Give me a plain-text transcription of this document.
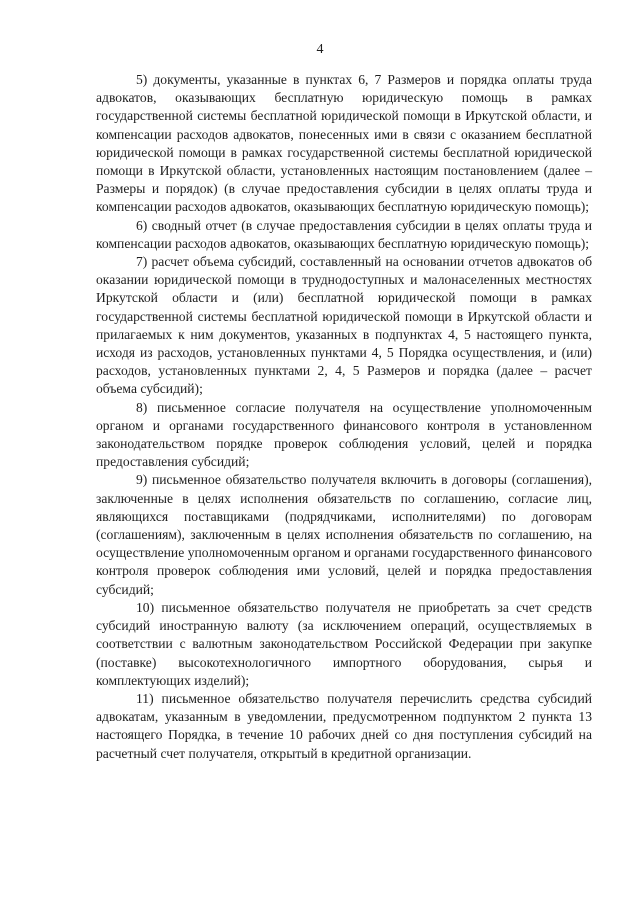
4

5) документы, указанные в пунктах 6, 7 Размеров и порядка оплаты труда адвокатов, оказывающих бесплатную юридическую помощь в рамках государственной системы бесплатной юридической помощи в Иркутской области, и компенсации расходов адвокатов, понесенных ими в связи с оказанием бесплатной юридической помощи в рамках государственной системы бесплатной юридической помощи в Иркутской области, установленных настоящим постановлением (далее – Размеры и порядок) (в случае предоставления субсидии в целях оплаты труда и компенсации расходов адвокатов, оказывающих бесплатную юридическую помощь);

6) сводный отчет (в случае предоставления субсидии в целях оплаты труда и компенсации расходов адвокатов, оказывающих бесплатную юридическую помощь);

7) расчет объема субсидий, составленный на основании отчетов адвокатов об оказании юридической помощи в труднодоступных и малонаселенных местностях Иркутской области и (или) бесплатной юридической помощи в рамках государственной системы бесплатной юридической помощи в Иркутской области и прилагаемых к ним документов, указанных в подпунктах 4, 5 настоящего пункта, исходя из расходов, установленных пунктами 4, 5 Порядка осуществления, и (или) расходов, установленных пунктами 2, 4, 5 Размеров и порядка (далее – расчет объема субсидий);

8) письменное согласие получателя на осуществление уполномоченным органом и органами государственного финансового контроля в установленном законодательством порядке проверок соблюдения условий, целей и порядка предоставления субсидий;

9) письменное обязательство получателя включить в договоры (соглашения), заключенные в целях исполнения обязательств по соглашению, согласие лиц, являющихся поставщиками (подрядчиками, исполнителями) по договорам (соглашениям), заключенным в целях исполнения обязательств по соглашению, на осуществление уполномоченным органом и органами государственного финансового контроля проверок соблюдения ими условий, целей и порядка предоставления субсидий;

10) письменное обязательство получателя не приобретать за счет средств субсидий иностранную валюту (за исключением операций, осуществляемых в соответствии с валютным законодательством Российской Федерации при закупке (поставке) высокотехнологичного импортного оборудования, сырья и комплектующих изделий);

11) письменное обязательство получателя перечислить средства субсидий адвокатам, указанным в уведомлении, предусмотренном подпунктом 2 пункта 13 настоящего Порядка, в течение 10 рабочих дней со дня поступления субсидий на расчетный счет получателя, открытый в кредитной организации.
